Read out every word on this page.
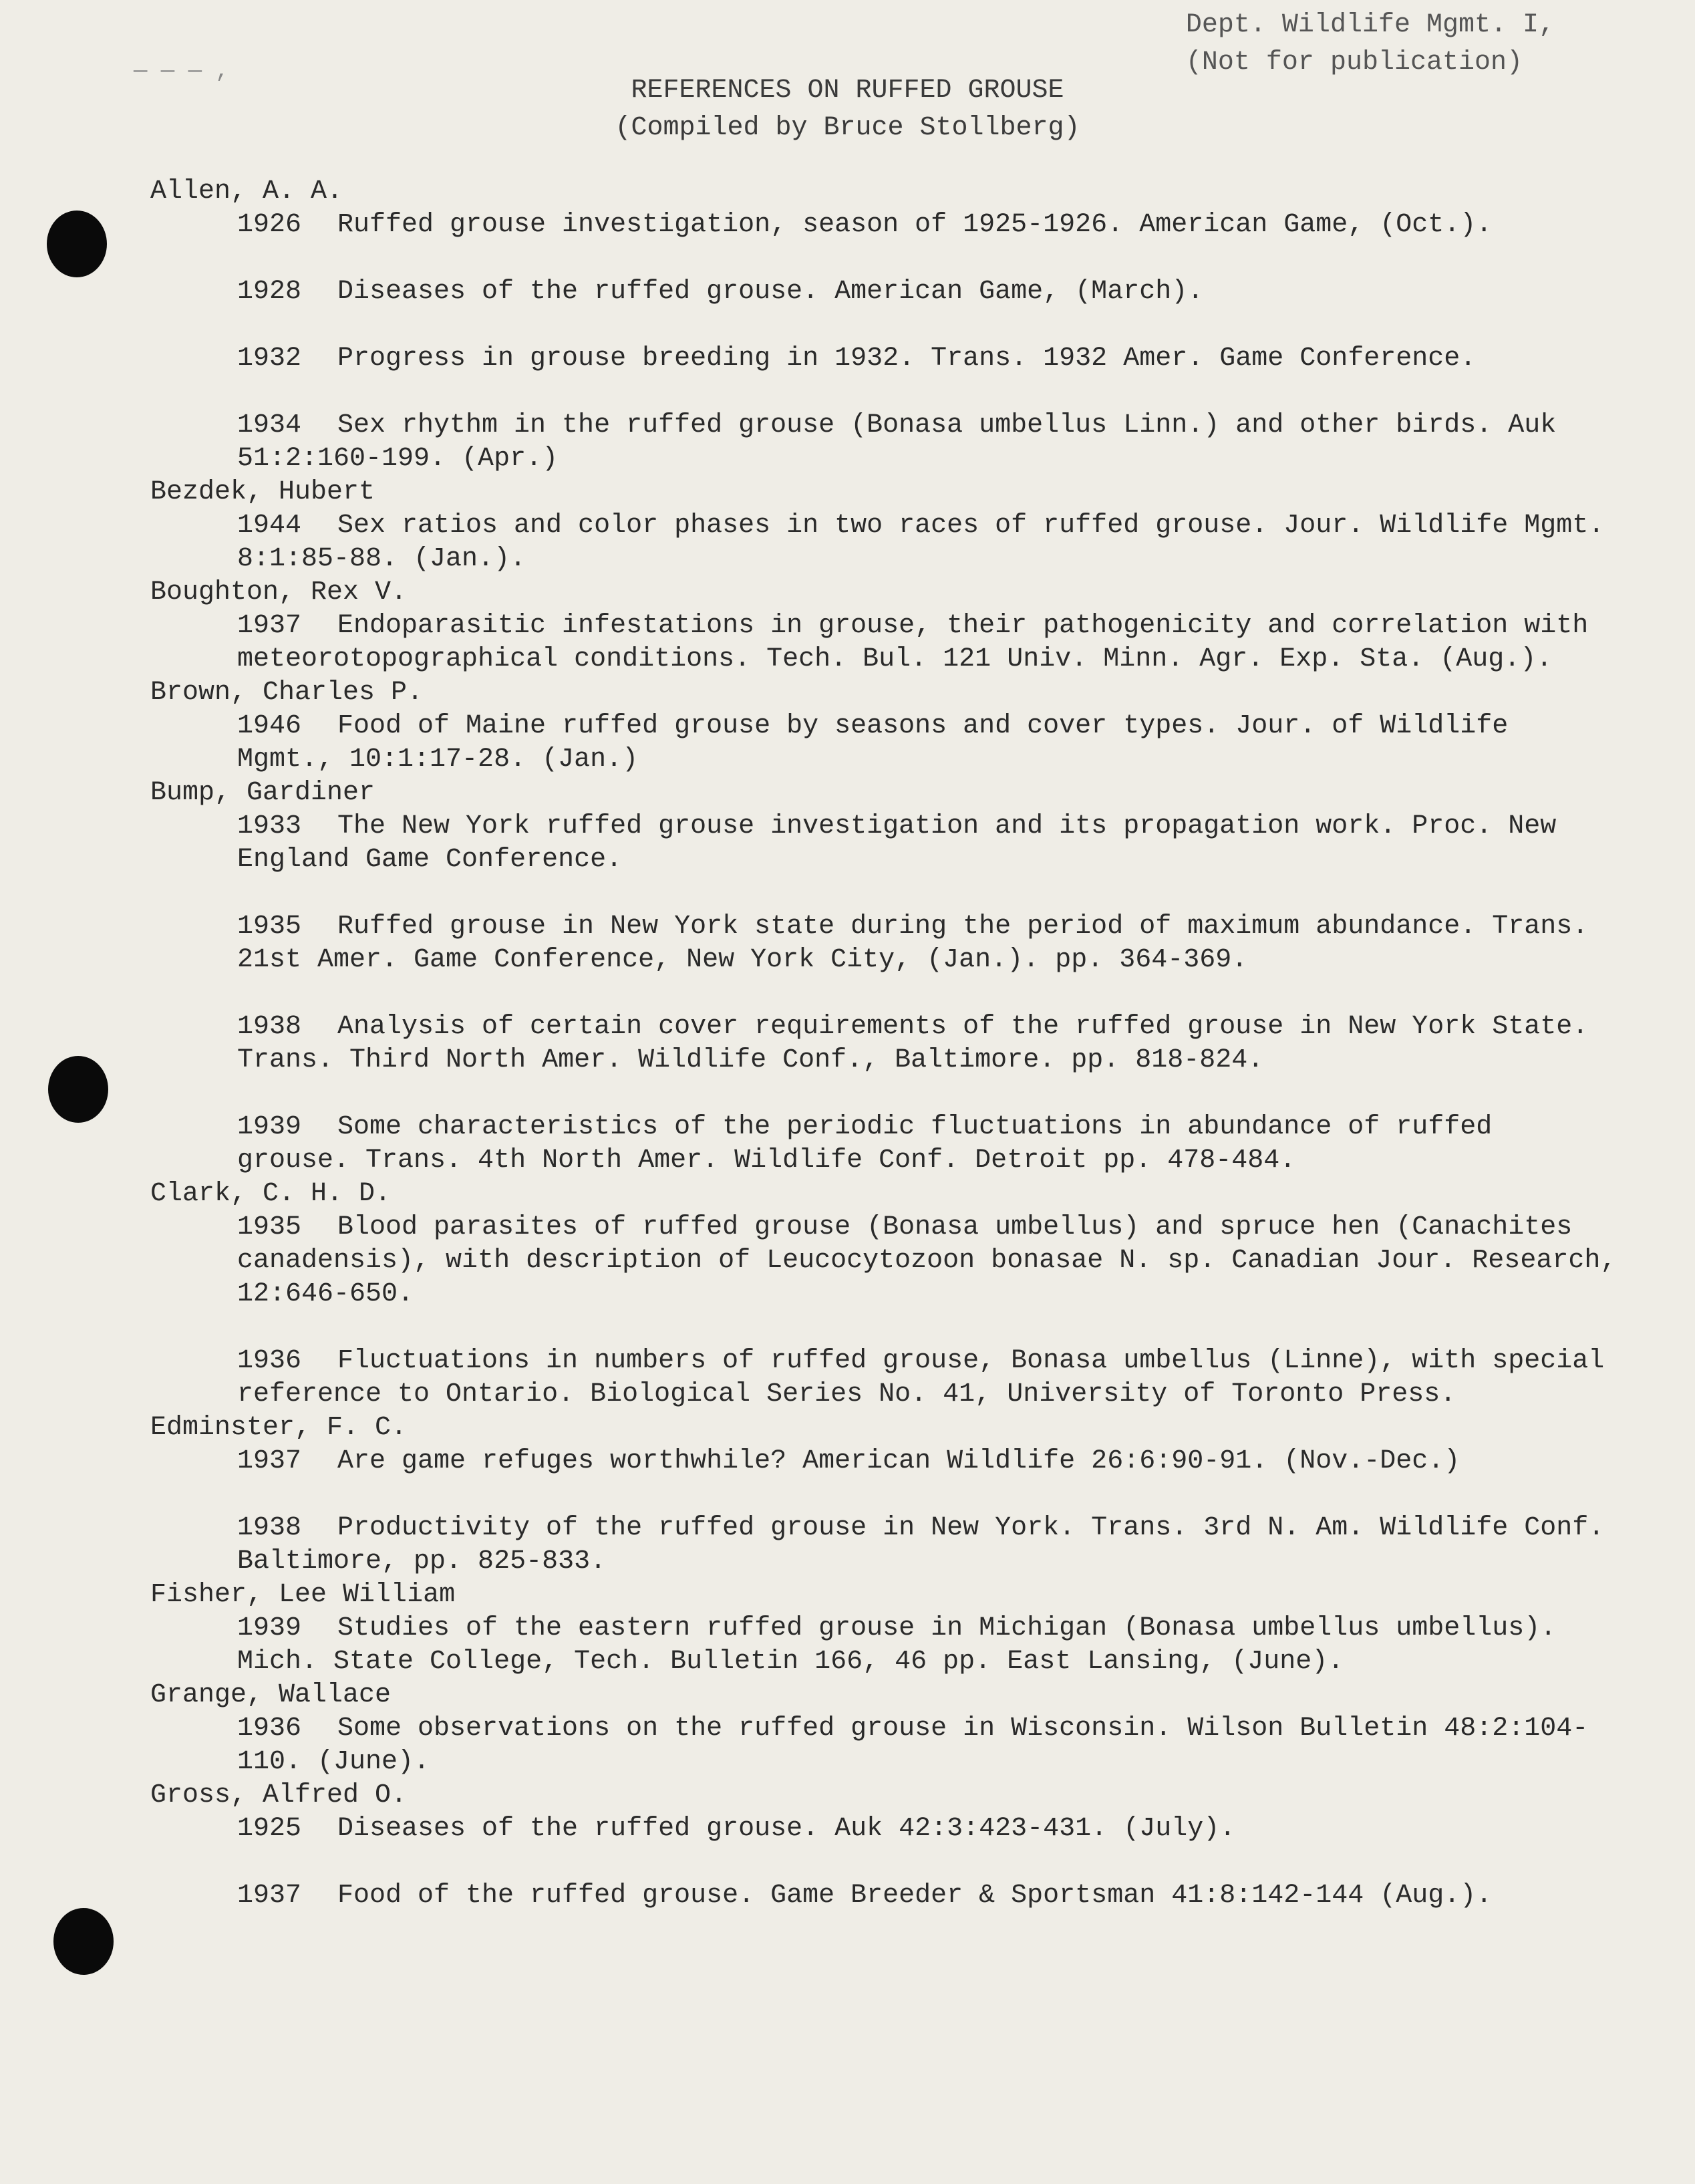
— — — ,
Dept. Wildlife Mgmt. I,
(Not for publication)
REFERENCES ON RUFFED GROUSE
(Compiled by Bruce Stollberg)
Allen, A. A.
1926 Ruffed grouse investigation, season of 1925-1926. American Game, (Oct.).
1928 Diseases of the ruffed grouse. American Game, (March).
1932 Progress in grouse breeding in 1932. Trans. 1932 Amer. Game Conference.
1934 Sex rhythm in the ruffed grouse (Bonasa umbellus Linn.) and other birds. Auk 51:2:160-199. (Apr.)
Bezdek, Hubert
1944 Sex ratios and color phases in two races of ruffed grouse. Jour. Wildlife Mgmt. 8:1:85-88. (Jan.).
Boughton, Rex V.
1937 Endoparasitic infestations in grouse, their pathogenicity and correlation with meteorotopographical conditions. Tech. Bul. 121 Univ. Minn. Agr. Exp. Sta. (Aug.).
Brown, Charles P.
1946 Food of Maine ruffed grouse by seasons and cover types. Jour. of Wildlife Mgmt., 10:1:17-28. (Jan.)
Bump, Gardiner
1933 The New York ruffed grouse investigation and its propagation work. Proc. New England Game Conference.
1935 Ruffed grouse in New York state during the period of maximum abundance. Trans. 21st Amer. Game Conference, New York City, (Jan.). pp. 364-369.
1938 Analysis of certain cover requirements of the ruffed grouse in New York State. Trans. Third North Amer. Wildlife Conf., Baltimore. pp. 818-824.
1939 Some characteristics of the periodic fluctuations in abundance of ruffed grouse. Trans. 4th North Amer. Wildlife Conf. Detroit pp. 478-484.
Clark, C. H. D.
1935 Blood parasites of ruffed grouse (Bonasa umbellus) and spruce hen (Canachites canadensis), with description of Leucocytozoon bonasae N. sp. Canadian Jour. Research, 12:646-650.
1936 Fluctuations in numbers of ruffed grouse, Bonasa umbellus (Linne), with special reference to Ontario. Biological Series No. 41, University of Toronto Press.
Edminster, F. C.
1937 Are game refuges worthwhile? American Wildlife 26:6:90-91. (Nov.-Dec.)
1938 Productivity of the ruffed grouse in New York. Trans. 3rd N. Am. Wildlife Conf. Baltimore, pp. 825-833.
Fisher, Lee William
1939 Studies of the eastern ruffed grouse in Michigan (Bonasa umbellus umbellus). Mich. State College, Tech. Bulletin 166, 46 pp. East Lansing, (June).
Grange, Wallace
1936 Some observations on the ruffed grouse in Wisconsin. Wilson Bulletin 48:2:104-110. (June).
Gross, Alfred O.
1925 Diseases of the ruffed grouse. Auk 42:3:423-431. (July).
1937 Food of the ruffed grouse. Game Breeder & Sportsman 41:8:142-144 (Aug.).
